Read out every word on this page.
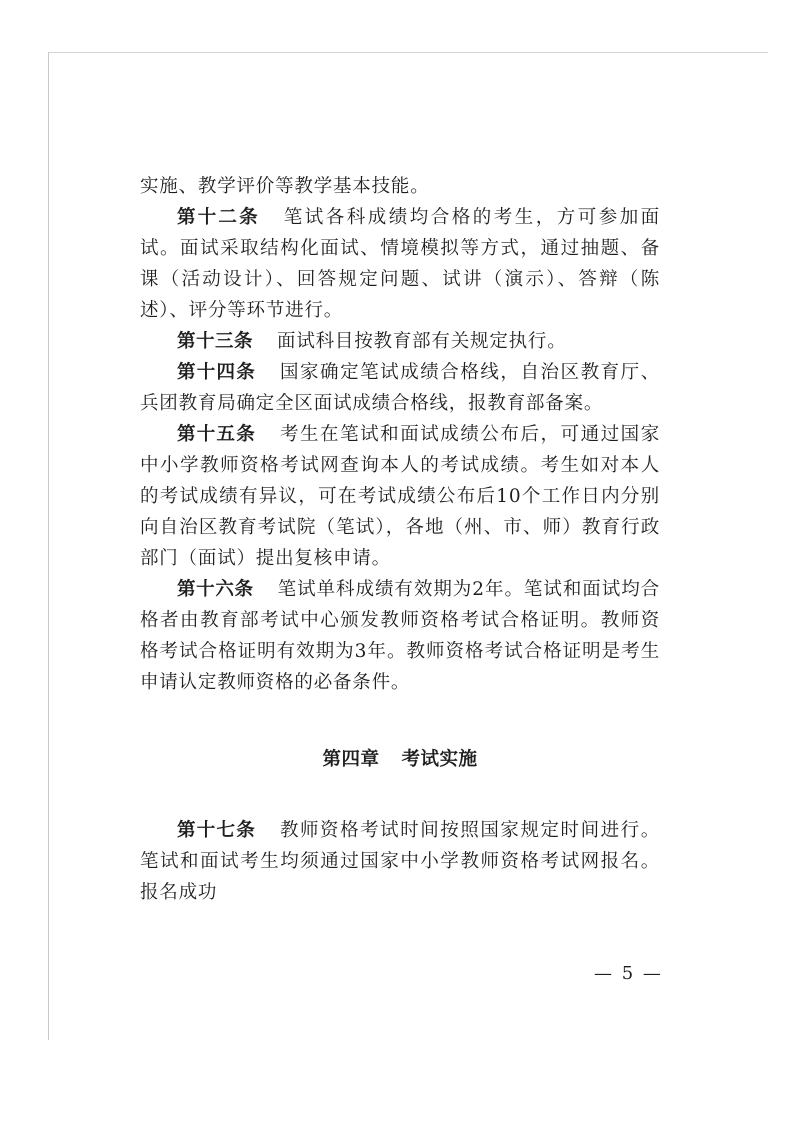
实施、教学评价等教学基本技能。

第十二条 笔试各科成绩均合格的考生，方可参加面试。面试采取结构化面试、情境模拟等方式，通过抽题、备课（活动设计）、回答规定问题、试讲（演示）、答辩（陈述）、评分等环节进行。

第十三条 面试科目按教育部有关规定执行。

第十四条 国家确定笔试成绩合格线，自治区教育厅、兵团教育局确定全区面试成绩合格线，报教育部备案。

第十五条 考生在笔试和面试成绩公布后，可通过国家中小学教师资格考试网查询本人的考试成绩。考生如对本人的考试成绩有异议，可在考试成绩公布后10个工作日内分别向自治区教育考试院（笔试），各地（州、市、师）教育行政部门（面试）提出复核申请。

第十六条 笔试单科成绩有效期为2年。笔试和面试均合格者由教育部考试中心颁发教师资格考试合格证明。教师资格考试合格证明有效期为3年。教师资格考试合格证明是考生申请认定教师资格的必备条件。

第四章 考试实施

第十七条 教师资格考试时间按照国家规定时间进行。笔试和面试考生均须通过国家中小学教师资格考试网报名。报名成功

— 5 —
